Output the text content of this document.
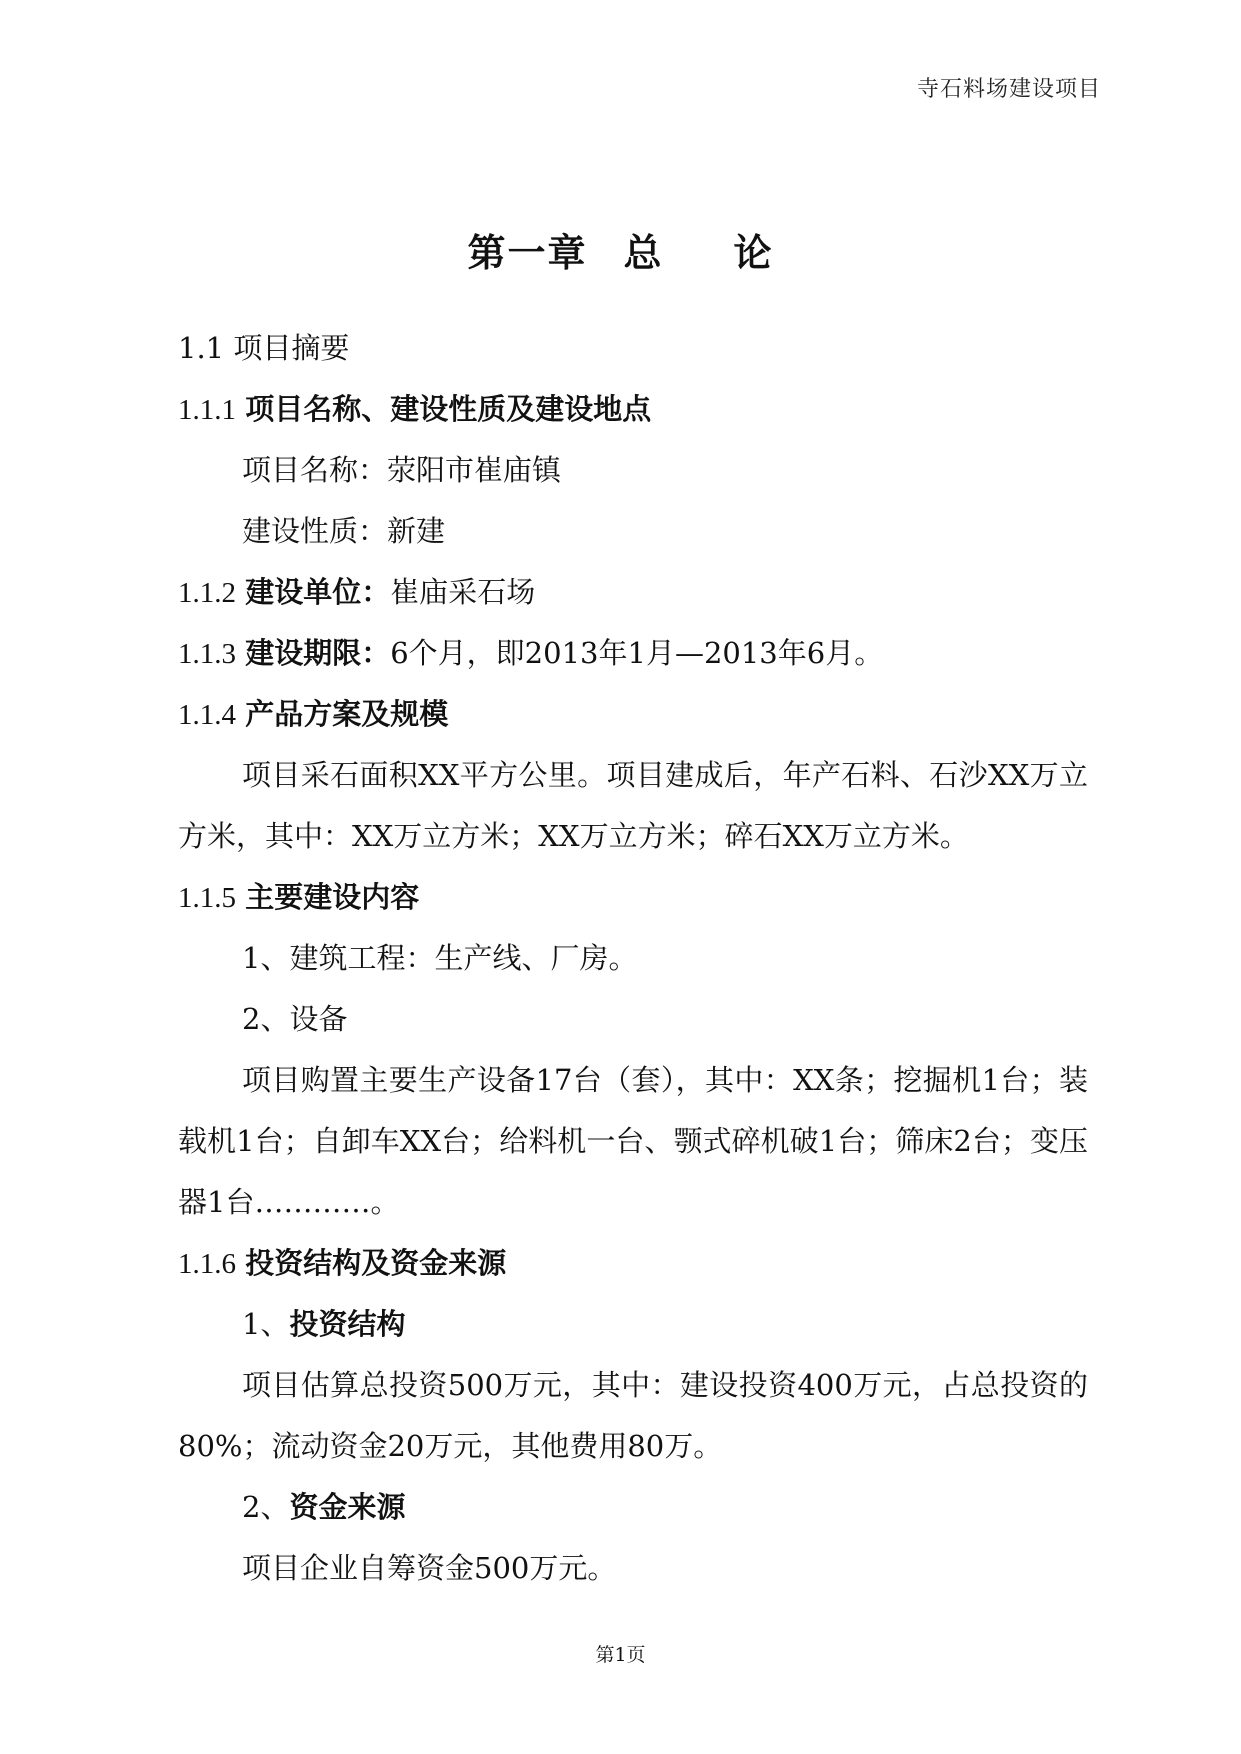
寺石料场建设项目
第一章 总 论
1.1 项目摘要
1.1.1 项目名称、建设性质及建设地点
项目名称：荥阳市崔庙镇
建设性质：新建
1.1.2 建设单位：崔庙采石场
1.1.3 建设期限：6个月，即2013年1月—2013年6月。
1.1.4 产品方案及规模
项目采石面积XX平方公里。项目建成后，年产石料、石沙XX万立方米，其中：XX万立方米；XX万立方米；碎石XX万立方米。
1.1.5 主要建设内容
1、建筑工程：生产线、厂房。
2、设备
项目购置主要生产设备17台（套），其中：XX条；挖掘机1台；装载机1台；自卸车XX台；给料机一台、颚式碎机破1台；筛床2台；变压器1台…………。
1.1.6 投资结构及资金来源
1、投资结构
项目估算总投资500万元，其中：建设投资400万元，占总投资的80%；流动资金20万元，其他费用80万。
2、资金来源
项目企业自筹资金500万元。
第1页
